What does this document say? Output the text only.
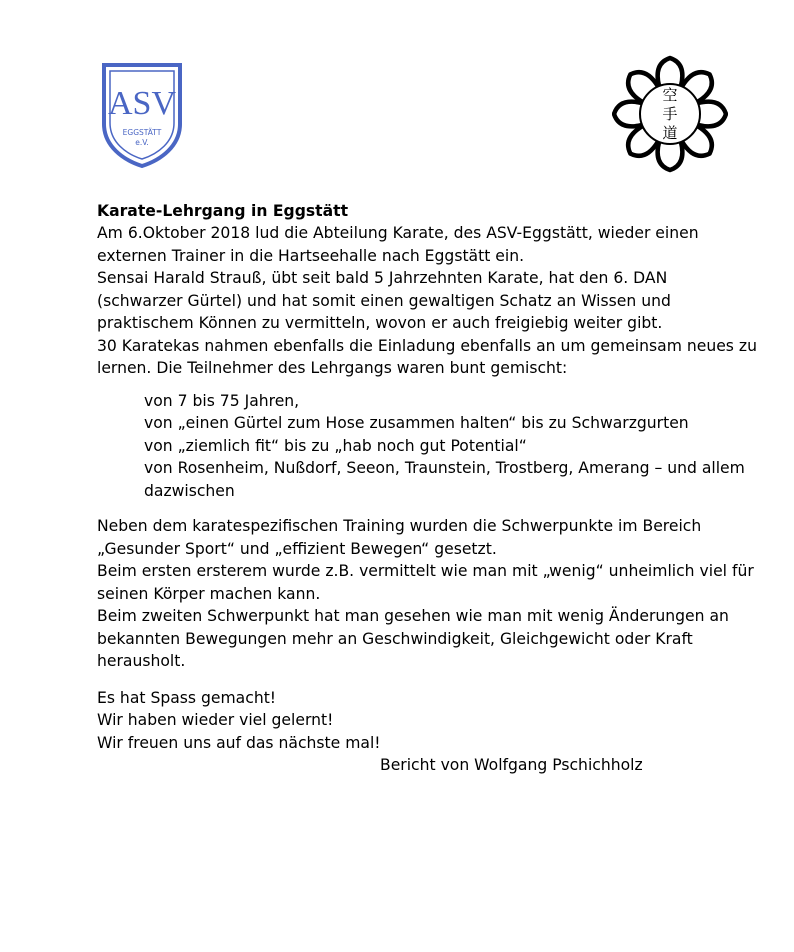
ASV
EGGSTÄTT
e.V.
空
手
道

Karate-Lehrgang in Eggstätt

Am 6.Oktober 2018 lud die Abteilung Karate, des ASV-Eggstätt, wieder einen externen Trainer in die Hartseehalle nach Eggstätt ein.

Sensai Harald Strauß, übt seit bald 5 Jahrzehnten Karate, hat den 6. DAN (schwarzer Gürtel) und hat somit einen gewaltigen Schatz an Wissen und praktischem Können zu vermitteln, wovon er auch freigiebig weiter gibt.

30 Karatekas nahmen ebenfalls die Einladung ebenfalls an um gemeinsam neues zu lernen. Die Teilnehmer des Lehrgangs waren bunt gemischt:

von 7 bis 75 Jahren,
von „einen Gürtel zum Hose zusammen halten“ bis zu Schwarzgurten
von „ziemlich fit“ bis zu „hab noch gut Potential“
von Rosenheim, Nußdorf, Seeon, Traunstein, Trostberg, Amerang – und allem dazwischen

Neben dem karatespezifischen Training wurden die Schwerpunkte im Bereich „Gesunder Sport“ und „effizient Bewegen“ gesetzt.

Beim ersten ersterem wurde z.B. vermittelt wie man mit „wenig“ unheimlich viel für seinen Körper machen kann.

Beim zweiten Schwerpunkt hat man gesehen wie man mit wenig Änderungen an bekannten Bewegungen mehr an Geschwindigkeit, Gleichgewicht oder Kraft herausholt.

Es hat Spass gemacht!

Wir haben wieder viel gelernt!

Wir freuen uns auf das nächste mal!

Bericht von Wolfgang Pschichholz
